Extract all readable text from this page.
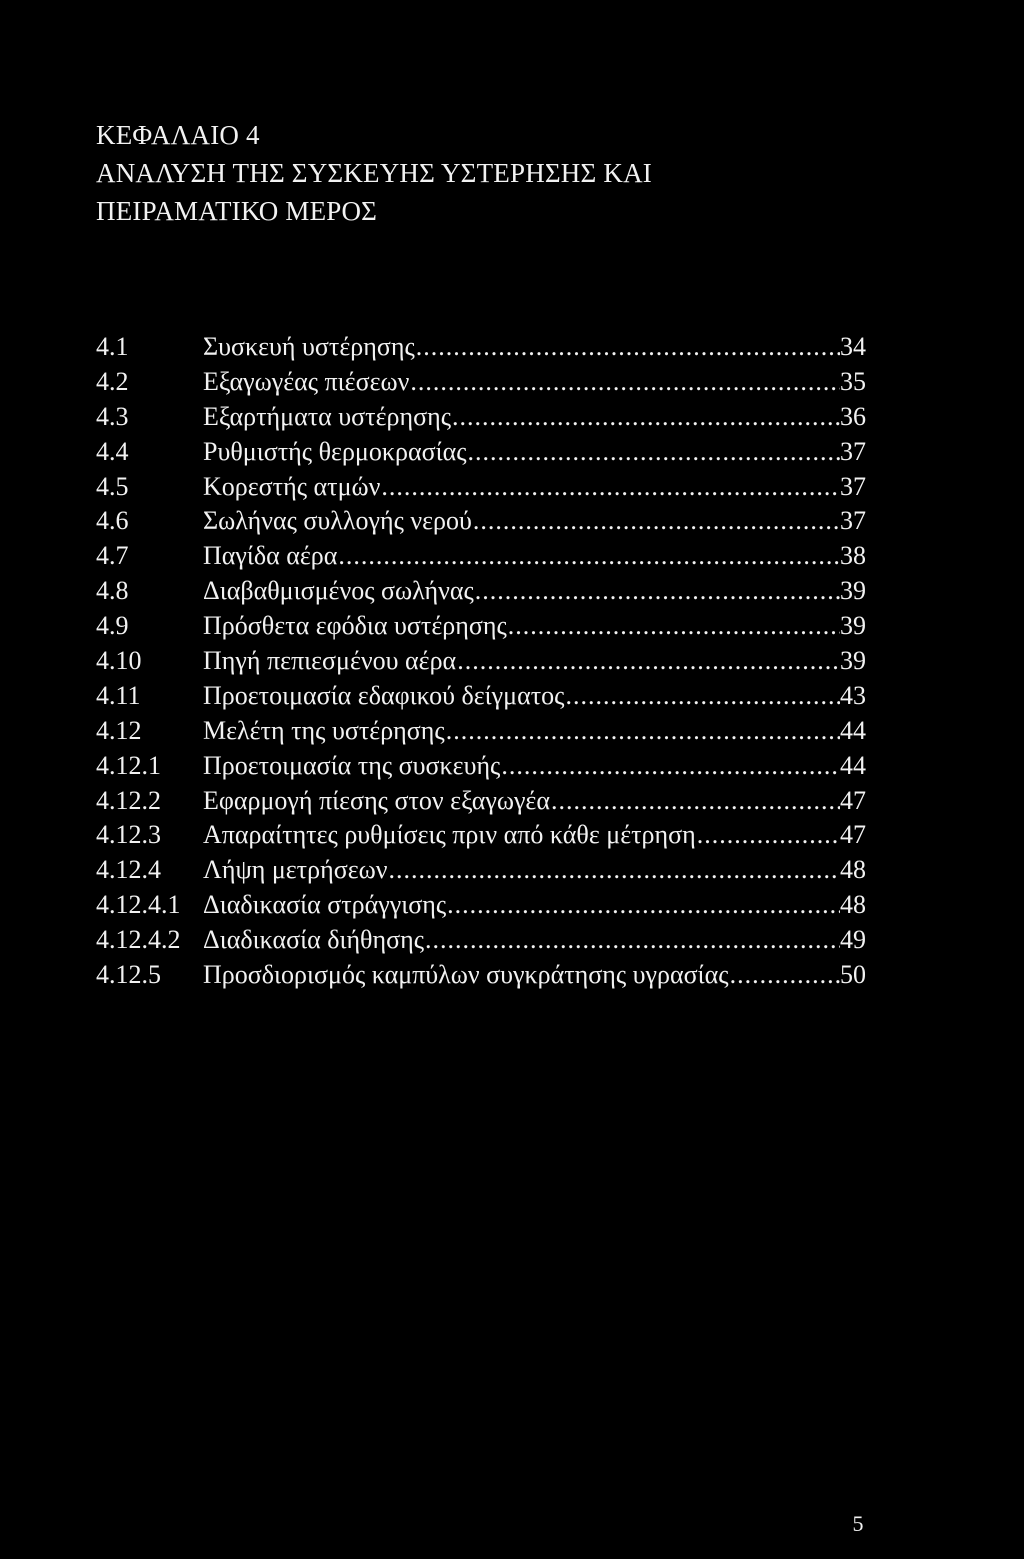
ΚΕΦΑΛΑΙΟ 4
ΑΝΑΛΥΣΗ ΤΗΣ ΣΥΣΚΕΥΗΣ ΥΣΤΕΡΗΣΗΣ ΚΑΙ
ΠΕΙΡΑΜΑΤΙΚΟ ΜΕΡΟΣ
4.1	Συσκευή υστέρησης .....	34
4.2	Εξαγωγέας πιέσεων .....	35
4.3	Εξαρτήματα υστέρησης .....	36
4.4	Ρυθμιστής θερμοκρασίας .....	37
4.5	Κορεστής ατμών .....	37
4.6	Σωλήνας συλλογής νερού .....	37
4.7	Παγίδα αέρα .....	38
4.8	Διαβαθμισμένος σωλήνας .....	39
4.9	Πρόσθετα εφόδια υστέρησης .....	39
4.10	Πηγή πεπιεσμένου αέρα .....	39
4.11	Προετοιμασία εδαφικού δείγματος .....	43
4.12	Μελέτη της υστέρησης .....	44
4.12.1	Προετοιμασία της συσκευής .....	44
4.12.2	Εφαρμογή πίεσης στον εξαγωγέα .....	47
4.12.3	Απαραίτητες ρυθμίσεις πριν από κάθε μέτρηση .....	47
4.12.4	Λήψη μετρήσεων .....	48
4.12.4.1 Διαδικασία στράγγισης .....	48
4.12.4.2 Διαδικασία διήθησης .....	49
4.12.5	Προσδιορισμός καμπύλων συγκράτησης υγρασίας .....	50
5
